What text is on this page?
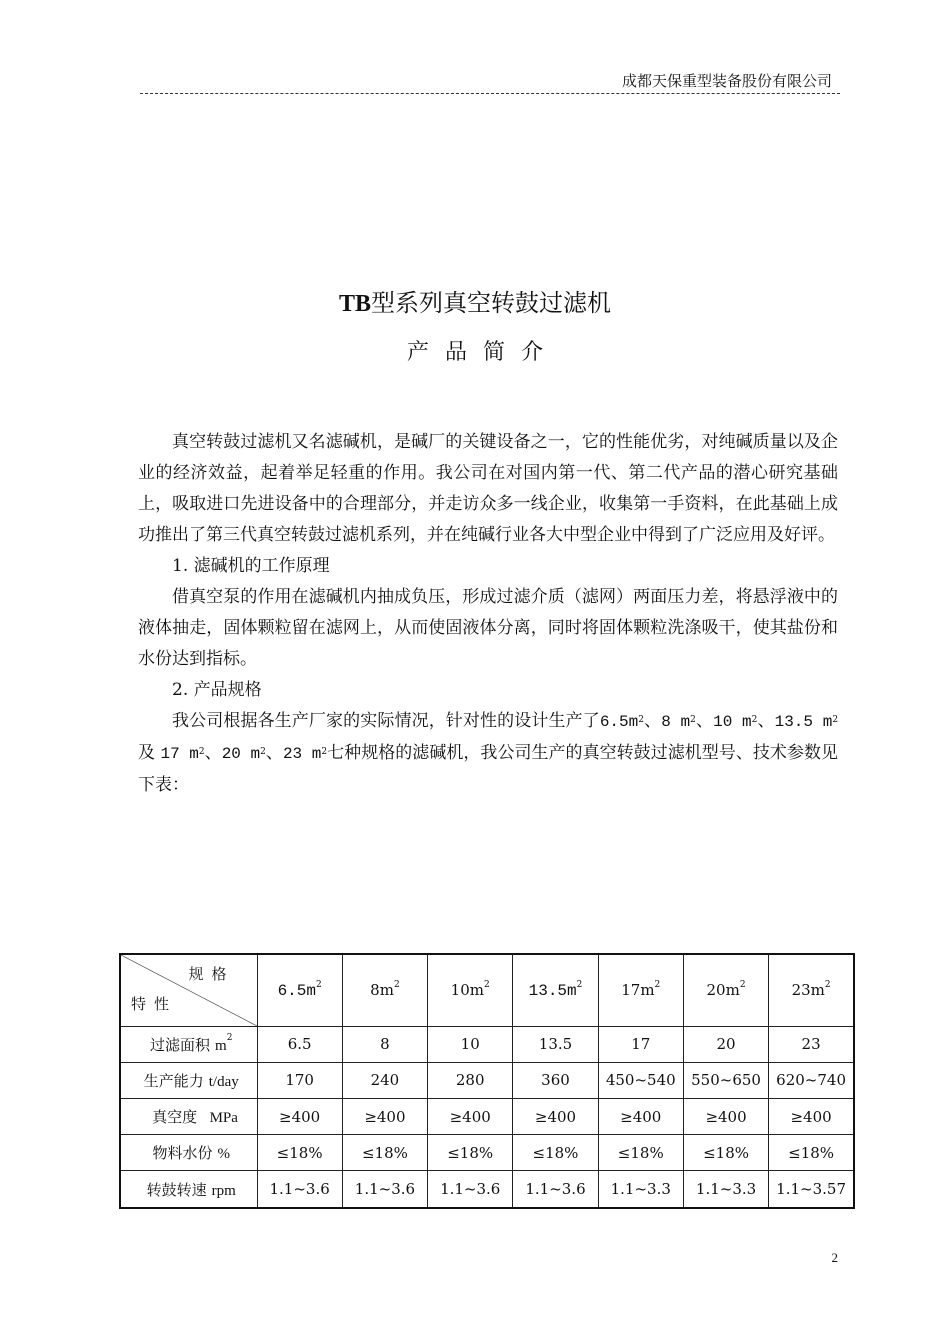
成都天保重型装备股份有限公司
TB型系列真空转鼓过滤机
产品简介

真空转鼓过滤机又名滤碱机，是碱厂的关键设备之一，它的性能优劣，对纯碱质量以及企业的经济效益，起着举足轻重的作用。我公司在对国内第一代、第二代产品的潜心研究基础上，吸取进口先进设备中的合理部分，并走访众多一线企业，收集第一手资料，在此基础上成功推出了第三代真空转鼓过滤机系列，并在纯碱行业各大中型企业中得到了广泛应用及好评。

1. 滤碱机的工作原理

借真空泵的作用在滤碱机内抽成负压，形成过滤介质（滤网）两面压力差，将悬浮液中的液体抽走，固体颗粒留在滤网上，从而使固液体分离，同时将固体颗粒洗涤吸干，使其盐份和水份达到指标。

2. 产品规格

我公司根据各生产厂家的实际情况，针对性的设计生产了$6.5m^2$、8 $m^2$、10 $m^2$、13.5 $m^2$及 17 $m^2$、20 $m^2$、23 $m^2$七种规格的滤碱机，我公司生产的真空转鼓过滤机型号、技术参数见下表：

规格
特性	$6.5m^2$	$8m^2$	$10m^2$	$13.5m^2$	$17m^2$	$20m^2$	$23m^2$
过滤面积 $m^2$	6.5	8	10	13.5	17	20	23
生产能力 t/day	170	240	280	360	450~540	550~650	620~740
真空度 MPa	≥400	≥400	≥400	≥400	≥400	≥400	≥400
物料水份 %	≤18%	≤18%	≤18%	≤18%	≤18%	≤18%	≤18%
转鼓转速 rpm	1.1~3.6	1.1~3.6	1.1~3.6	1.1~3.6	1.1~3.3	1.1~3.3	1.1~3.57
2
